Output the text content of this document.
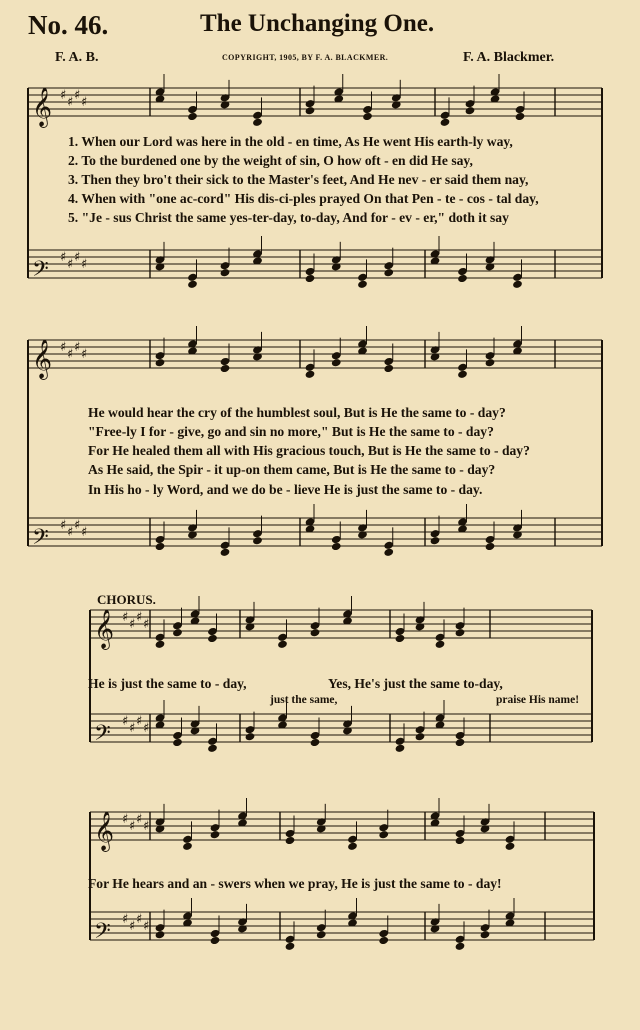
No. 46.	The Unchanging One.
F. A. B.	COPYRIGHT, 1905, BY F. A. BLACKMER.	F. A. Blackmer.
𝄞 ♯ ♯ ♯ ♯
𝄢 ♯ ♯ ♯ ♯
𝄞 ♯ ♯ ♯ ♯
𝄢 ♯ ♯ ♯ ♯
𝄞 ♯ ♯ ♯ ♯
𝄢 ♯ ♯ ♯ ♯
𝄞 ♯ ♯ ♯ ♯
𝄢 ♯ ♯ ♯ ♯
1. When our Lord was here in the old - en time, As He went His earth-ly way,
2. To the burdened one by the weight of sin, O how oft - en did He say,
3. Then they bro't their sick to the Master's feet, And He nev - er said them nay,
4. When with "one ac-cord" His dis-ci-ples prayed On that Pen - te - cos - tal day,
5. "Je - sus Christ the same yes-ter-day, to-day, And for - ev - er," doth it say
He would hear the cry of the humblest soul, But is He the same to - day?
"Free-ly I for - give, go and sin no more," But is He the same to - day?
For He healed them all with His gracious touch, But is He the same to - day?
As He said, the Spir - it up-on them came, But is He the same to - day?
In His ho - ly Word, and we do be - lieve He is just the same to - day.
CHORUS.
He is just the same to - day,	Yes, He's just the same to-day,
just the same,	praise His name!
For He hears and an - swers when we pray, He is just the same to - day!
